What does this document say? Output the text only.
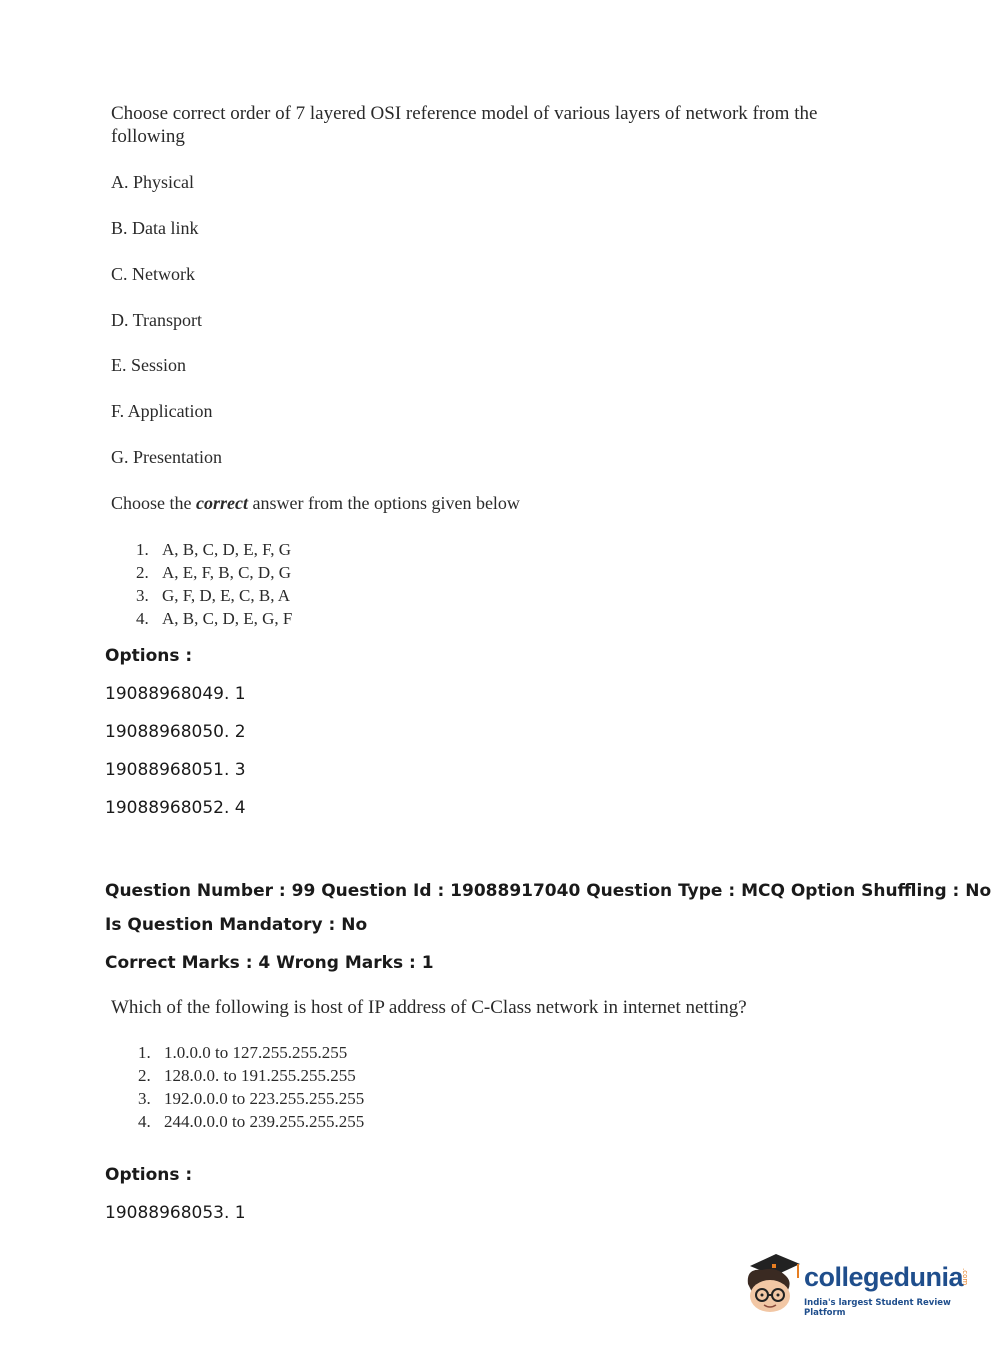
Choose correct order of 7 layered OSI reference model of various layers of network from the
following
A. Physical
B. Data link
C. Network
D. Transport
E. Session
F. Application
G. Presentation
Choose the correct answer from the options given below
1. A, B, C, D, E, F, G
2. A, E, F, B, C, D, G
3. G, F, D, E, C, B, A
4. A, B, C, D, E, G, F
Options :
19088968049. 1
19088968050. 2
19088968051. 3
19088968052. 4
Question Number : 99 Question Id : 19088917040 Question Type : MCQ Option Shuffling : No
Is Question Mandatory : No
Correct Marks : 4 Wrong Marks : 1
Which of the following is host of IP address of C-Class network in internet netting?
1. 1.0.0.0 to 127.255.255.255
2. 128.0.0. to 191.255.255.255
3. 192.0.0.0 to 223.255.255.255
4. 244.0.0.0 to 239.255.255.255
Options :
19088968053. 1
collegedunia
.com
India's largest Student Review Platform
